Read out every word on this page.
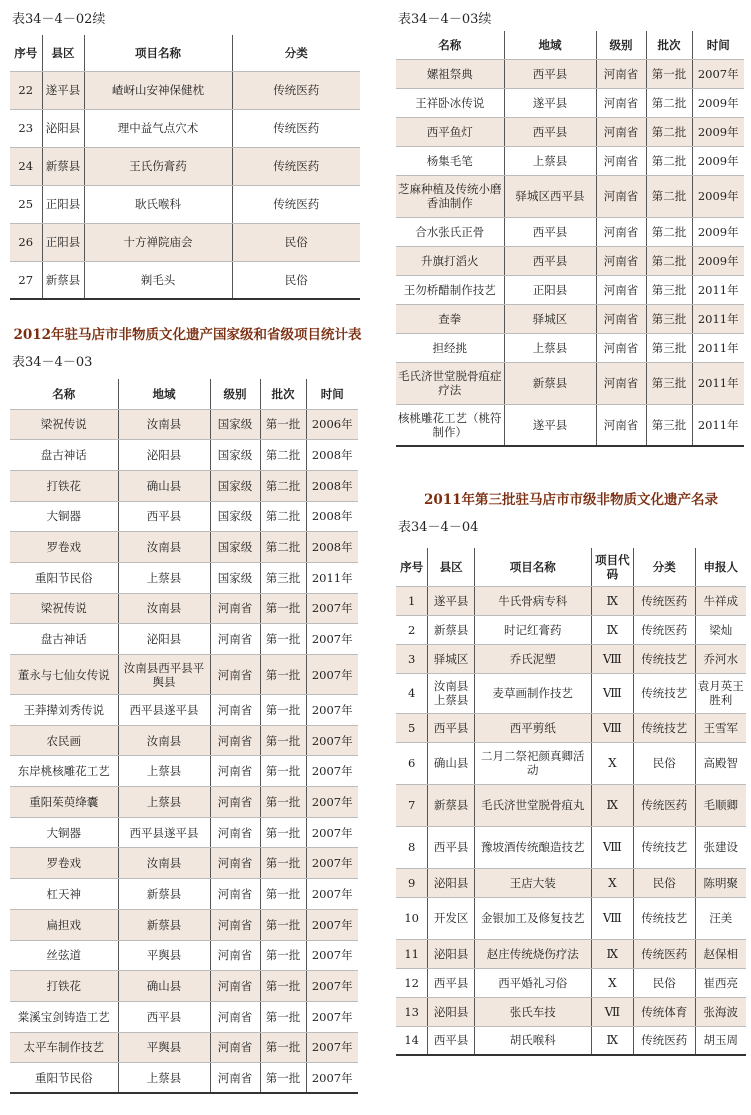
表34－4－02续
序号	县区	项目名称	分类
22	遂平县	嵖岈山安神保健枕	传统医药
23	泌阳县	理中益气点穴术	传统医药
24	新蔡县	王氏伤膏药	传统医药
25	正阳县	耿氏喉科	传统医药
26	正阳县	十方禅院庙会	民俗
27	新蔡县	剃毛头	民俗
2012年驻马店市非物质文化遗产国家级和省级项目统计表
表34－4－03
名称	地域	级别	批次	时间
梁祝传说	汝南县	国家级	第一批	2006年
盘古神话	泌阳县	国家级	第二批	2008年
打铁花	确山县	国家级	第二批	2008年
大铜器	西平县	国家级	第二批	2008年
罗卷戏	汝南县	国家级	第二批	2008年
重阳节民俗	上蔡县	国家级	第三批	2011年
梁祝传说	汝南县	河南省	第一批	2007年
盘古神话	泌阳县	河南省	第一批	2007年
董永与七仙女传说	汝南县西平县平舆县	河南省	第一批	2007年
王莽撵刘秀传说	西平县遂平县	河南省	第一批	2007年
农民画	汝南县	河南省	第一批	2007年
东岸桃核雕花工艺	上蔡县	河南省	第一批	2007年
重阳茱萸绛囊	上蔡县	河南省	第一批	2007年
大铜器	西平县遂平县	河南省	第一批	2007年
罗卷戏	汝南县	河南省	第一批	2007年
杠天神	新蔡县	河南省	第一批	2007年
扁担戏	新蔡县	河南省	第一批	2007年
丝弦道	平舆县	河南省	第一批	2007年
打铁花	确山县	河南省	第一批	2007年
棠溪宝剑铸造工艺	西平县	河南省	第一批	2007年
太平车制作技艺	平舆县	河南省	第一批	2007年
重阳节民俗	上蔡县	河南省	第一批	2007年
表34－4－03续
名称	地域	级别	批次	时间
嫘祖祭典	西平县	河南省	第一批	2007年
王祥卧冰传说	遂平县	河南省	第二批	2009年
西平鱼灯	西平县	河南省	第二批	2009年
杨集毛笔	上蔡县	河南省	第二批	2009年
芝麻种植及传统小磨香油制作	驿城区西平县	河南省	第二批	2009年
合水张氏正骨	西平县	河南省	第二批	2009年
升旗打滔火	西平县	河南省	第二批	2009年
王勿桥醋制作技艺	正阳县	河南省	第三批	2011年
查拳	驿城区	河南省	第三批	2011年
担经挑	上蔡县	河南省	第三批	2011年
毛氏济世堂脱骨疽症疗法	新蔡县	河南省	第三批	2011年
核桃雕花工艺（桃符制作）	遂平县	河南省	第三批	2011年
2011年第三批驻马店市市级非物质文化遗产名录
表34－4－04
序号	县区	项目名称	项目代码	分类	申报人
1	遂平县	牛氏骨病专科	Ⅸ	传统医药	牛祥成
2	新蔡县	时记红膏药	Ⅸ	传统医药	梁灿
3	驿城区	乔氏泥塑	Ⅷ	传统技艺	乔河水
4	汝南县上蔡县	麦草画制作技艺	Ⅷ	传统技艺	袁月英王胜利
5	西平县	西平剪纸	Ⅷ	传统技艺	王雪军
6	确山县	二月二祭祀颜真卿活动	Ⅹ	民俗	高殿智
7	新蔡县	毛氏济世堂脱骨疽丸	Ⅸ	传统医药	毛顺卿
8	西平县	豫坡酒传统酿造技艺	Ⅷ	传统技艺	张建设
9	泌阳县	王店大装	Ⅹ	民俗	陈明聚
10	开发区	金银加工及修复技艺	Ⅷ	传统技艺	汪美
11	泌阳县	赵庄传统烧伤疗法	Ⅸ	传统医药	赵保相
12	西平县	西平婚礼习俗	Ⅹ	民俗	崔西亮
13	泌阳县	张氏车技	Ⅶ	传统体育	张海波
14	西平县	胡氏喉科	Ⅸ	传统医药	胡玉周
